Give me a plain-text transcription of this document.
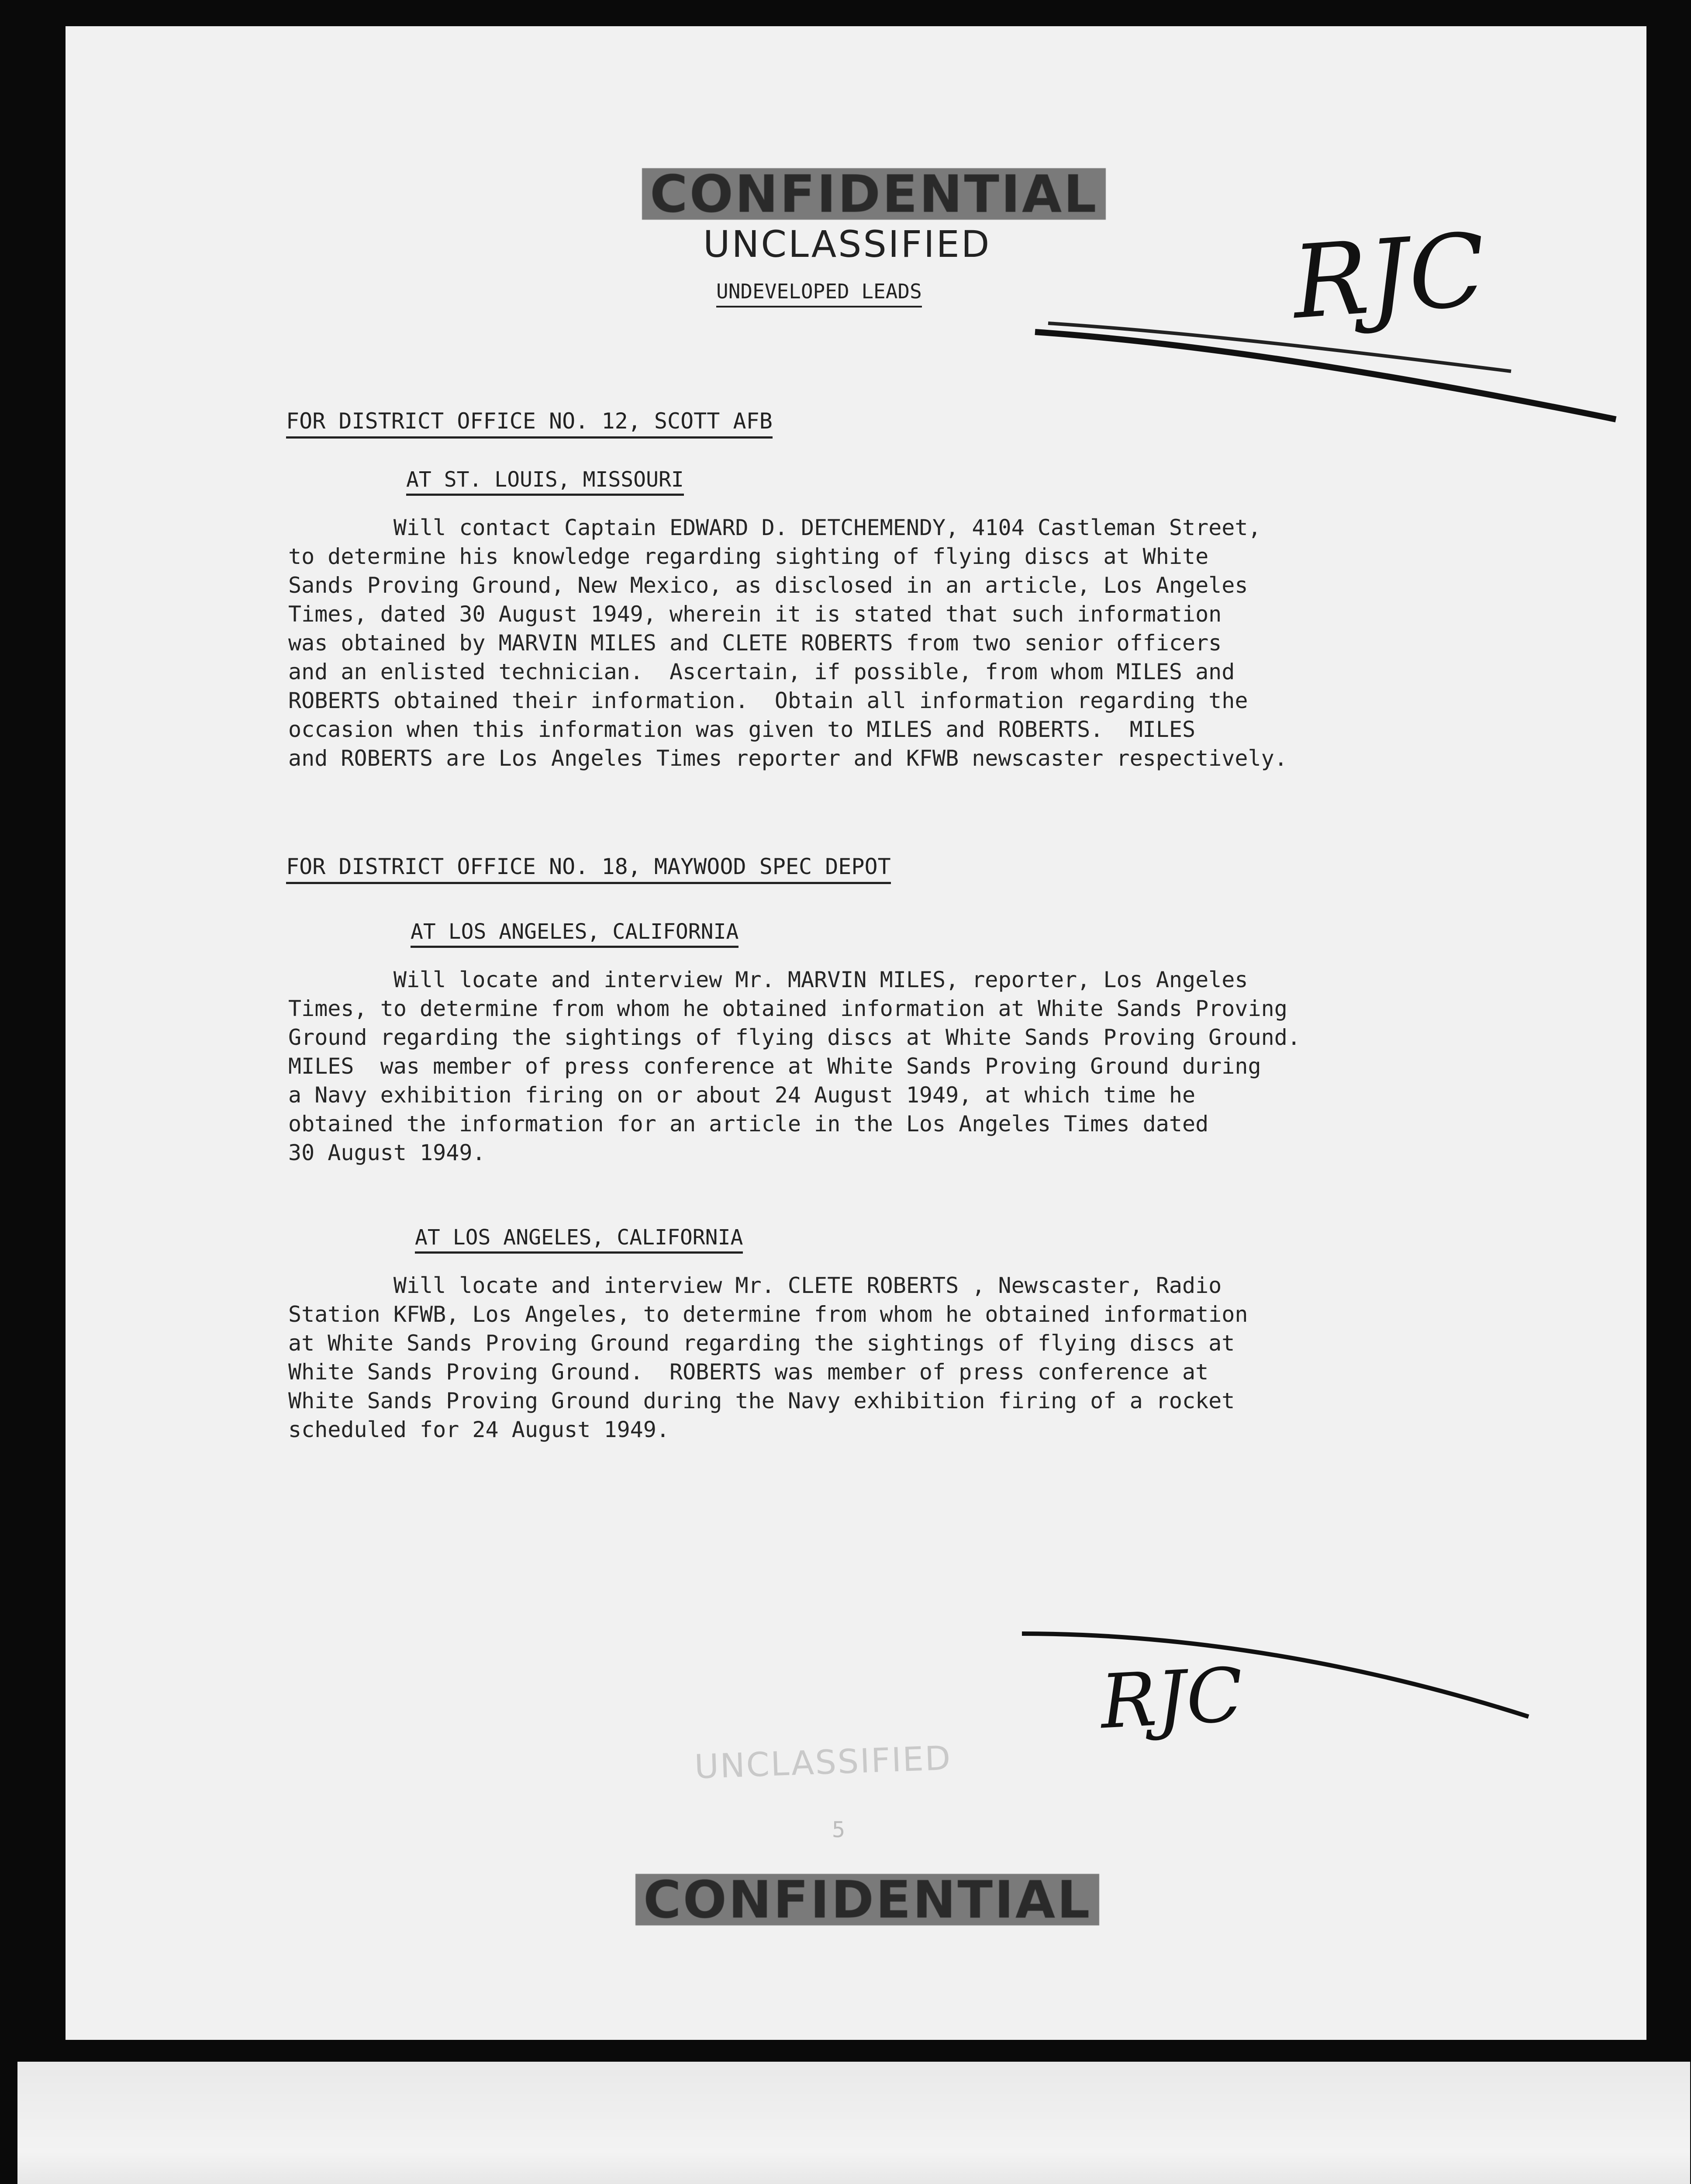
CONFIDENTIAL
UNCLASSIFIED
UNDEVELOPED LEADS	RJC
FOR DISTRICT OFFICE NO. 12, SCOTT AFB
AT ST. LOUIS, MISSOURI
Will contact Captain EDWARD D. DETCHEMENDY, 4104 Castleman Street,
to determine his knowledge regarding sighting of flying discs at White
Sands Proving Ground, New Mexico, as disclosed in an article, Los Angeles
Times, dated 30 August 1949, wherein it is stated that such information
was obtained by MARVIN MILES and CLETE ROBERTS from two senior officers
and an enlisted technician.  Ascertain, if possible, from whom MILES and
ROBERTS obtained their information.  Obtain all information regarding the
occasion when this information was given to MILES and ROBERTS.  MILES
and ROBERTS are Los Angeles Times reporter and KFWB newscaster respectively.
FOR DISTRICT OFFICE NO. 18, MAYWOOD SPEC DEPOT
AT LOS ANGELES, CALIFORNIA
Will locate and interview Mr. MARVIN MILES, reporter, Los Angeles
Times, to determine from whom he obtained information at White Sands Proving
Ground regarding the sightings of flying discs at White Sands Proving Ground.
MILES  was member of press conference at White Sands Proving Ground during
a Navy exhibition firing on or about 24 August 1949, at which time he
obtained the information for an article in the Los Angeles Times dated
30 August 1949.
AT LOS ANGELES, CALIFORNIA
Will locate and interview Mr. CLETE ROBERTS , Newscaster, Radio
Station KFWB, Los Angeles, to determine from whom he obtained information
at White Sands Proving Ground regarding the sightings of flying discs at
White Sands Proving Ground.  ROBERTS was member of press conference at
White Sands Proving Ground during the Navy exhibition firing of a rocket
scheduled for 24 August 1949.
RJC
UNCLASSIFIED
5
CONFIDENTIAL
